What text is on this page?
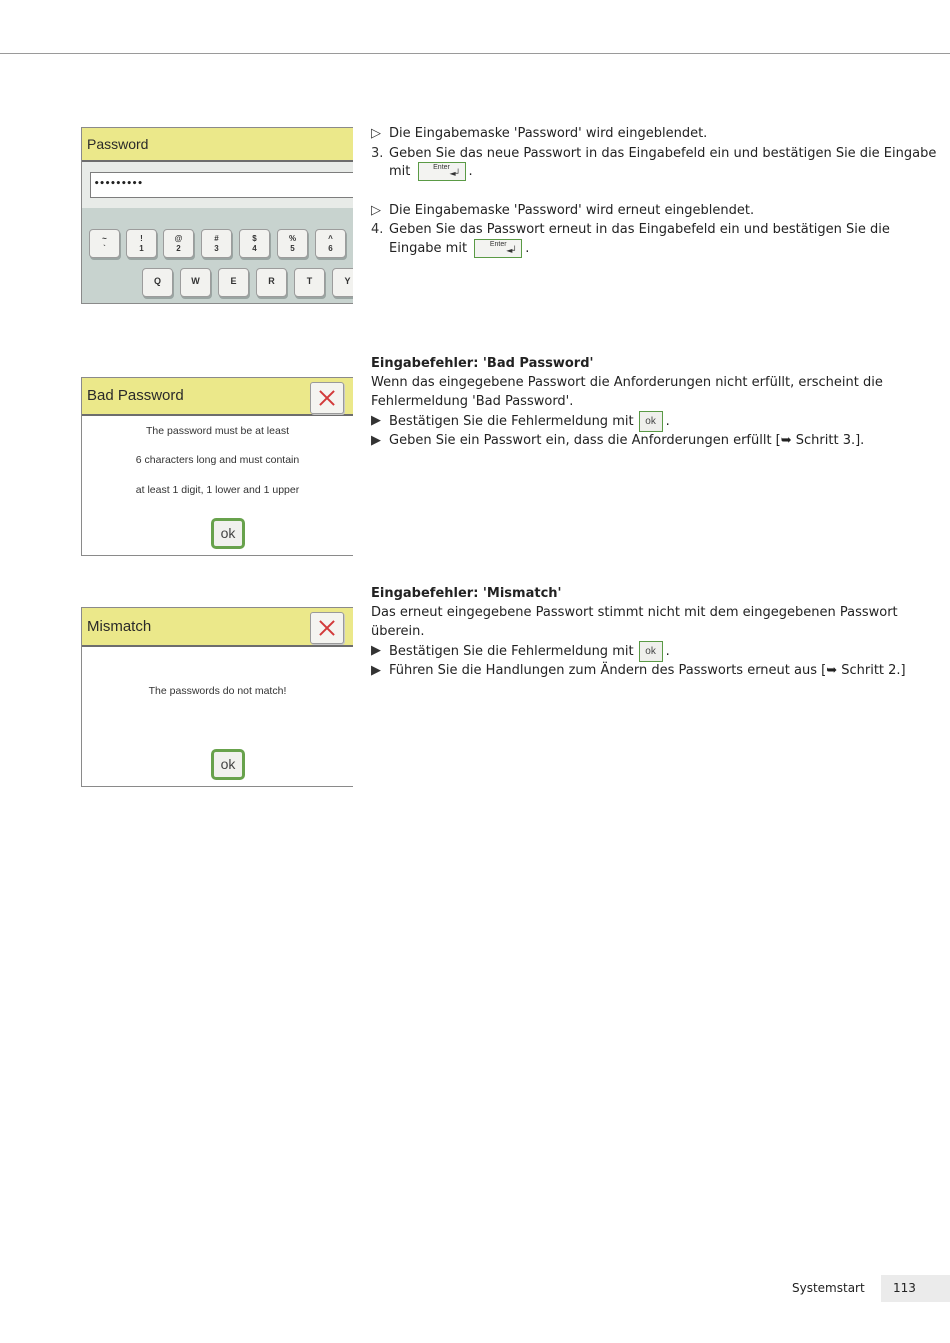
Password
•••••••••
~
`
!
1
@
2
#
3
$
4
%
5
^
6
Q	W	E	R	T	Y
Bad Password
The password must be at least
6 characters long and must contain
at least 1 digit, 1 lower and 1 upper
ok
Mismatch
The passwords do not match!
ok
▷ Die Eingabemaske 'Password' wird eingeblendet.
3. Geben Sie das neue Passwort in das Eingabefeld ein und bestätigen Sie die Eingabe
mit	Enter
◄┘ .
▷ Die Eingabemaske 'Password' wird erneut eingeblendet.
4. Geben Sie das Passwort erneut in das Eingabefeld ein und bestätigen Sie die
Eingabe mit	Enter
◄┘ .
Eingabefehler: 'Bad Password'
Wenn das eingegebene Passwort die Anforderungen nicht erfüllt, erscheint die
Fehlermeldung 'Bad Password'.
▶ Bestätigen Sie die Fehlermeldung mit ok .
▶ Geben Sie ein Passwort ein, dass die Anforderungen erfüllt [➥ Schritt 3.].
Eingabefehler: 'Mismatch'
Das erneut eingegebene Passwort stimmt nicht mit dem eingegebenen Passwort
überein.
▶ Bestätigen Sie die Fehlermeldung mit ok .
▶ Führen Sie die Handlungen zum Ändern des Passworts erneut aus [➥ Schritt 2.]
Systemstart	113
